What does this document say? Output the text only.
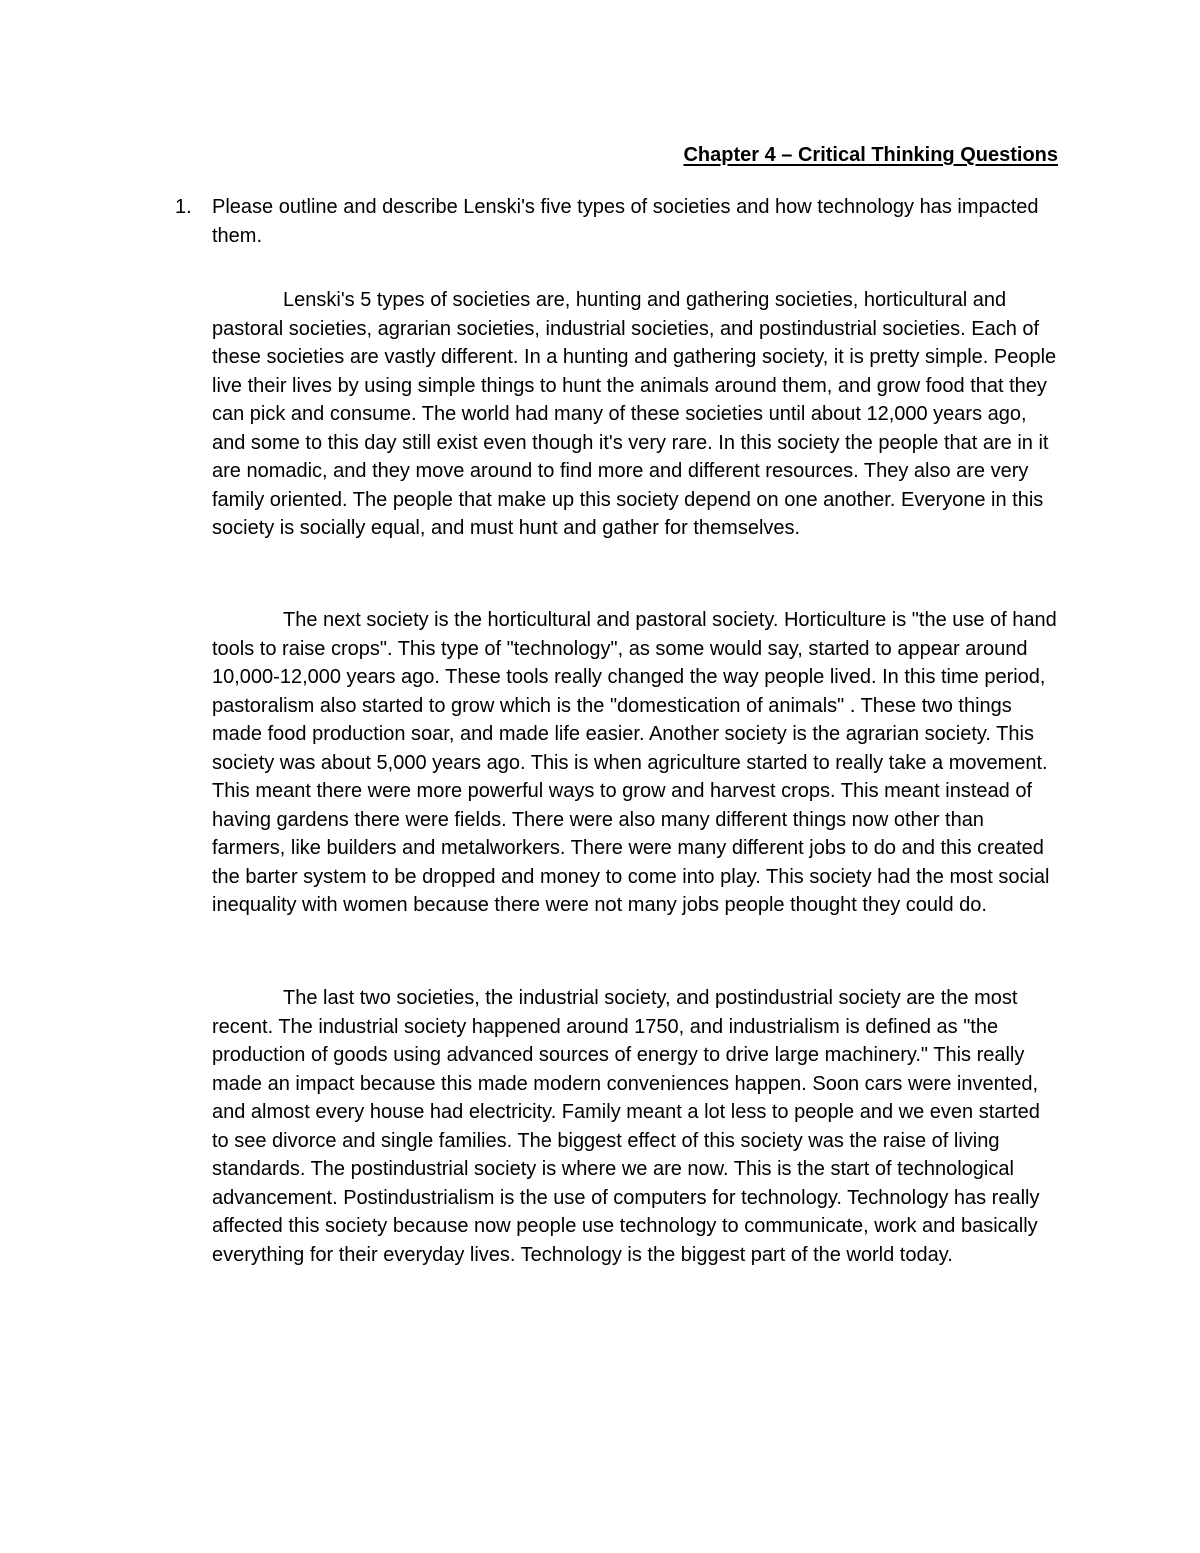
Chapter 4 – Critical Thinking Questions
1.	Please outline and describe Lenski's five types of societies and how technology has impacted them.

Lenski's 5 types of societies are, hunting and gathering societies, horticultural and pastoral societies, agrarian societies, industrial societies, and postindustrial societies. Each of these societies are vastly different. In a hunting and gathering society, it is pretty simple. People live their lives by using simple things to hunt the animals around them, and grow food that they can pick and consume. The world had many of these societies until about 12,000 years ago, and some to this day still exist even though it's very rare. In this society the people that are in it are nomadic, and they move around to find more and different resources. They also are very family oriented. The people that make up this society depend on one another. Everyone in this society is socially equal, and must hunt and gather for themselves.

The next society is the horticultural and pastoral society. Horticulture is "the use of hand tools to raise crops". This type of "technology", as some would say, started to appear around 10,000-12,000 years ago. These tools really changed the way people lived. In this time period, pastoralism also started to grow which is the "domestication of animals" . These two things made food production soar, and made life easier. Another society is the agrarian society. This society was about 5,000 years ago. This is when agriculture started to really take a movement. This meant there were more powerful ways to grow and harvest crops. This meant instead of having gardens there were fields. There were also many different things now other than farmers, like builders and metalworkers. There were many different jobs to do and this created the barter system to be dropped and money to come into play. This society had the most social inequality with women because there were not many jobs people thought they could do.

The last two societies, the industrial society, and postindustrial society are the most recent. The industrial society happened around 1750, and industrialism is defined as "the production of goods using advanced sources of energy to drive large machinery." This really made an impact because this made modern conveniences happen. Soon cars were invented, and almost every house had electricity. Family meant a lot less to people and we even started to see divorce and single families. The biggest effect of this society was the raise of living standards. The postindustrial society is where we are now. This is the start of technological advancement. Postindustrialism is the use of computers for technology. Technology has really affected this society because now people use technology to communicate, work and basically everything for their everyday lives. Technology is the biggest part of the world today.
